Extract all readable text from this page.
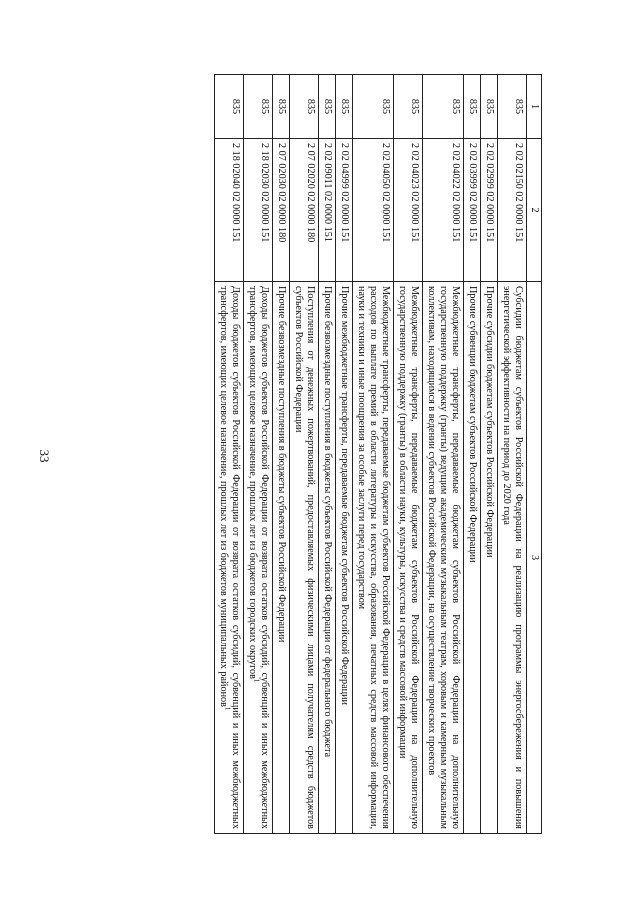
33
1	2	3
835	2 02 02150 02 0000 151	Субсидии бюджетам субъектов Российской Федерации на реализацию программы энергосбережения и повышения энергетической эффективности на период до 2020 года
835	2 02 02999 02 0000 151	Прочие субсидии бюджетам субъектов Российской Федерации
835	2 02 03999 02 0000 151	Прочие субвенции бюджетам субъектов Российской Федерации
835	2 02 04022 02 0000 151	Межбюджетные трансферты, передаваемые бюджетам субъектов Российской Федерации на дополнительную государственную поддержку (гранты) ведущим академическим музыкальным театрам, хоровым и камерным музыкальным коллективам, находящимся в ведении субъектов Российской Федерации, на осуществление творческих проектов
835	2 02 04023 02 0000 151	Межбюджетные трансферты, передаваемые бюджетам субъектов Российской Федерации на дополнительную государственную поддержку (гранты) в области науки, культуры, искусства и средств массовой информации
835	2 02 04050 02 0000 151	Межбюджетные трансферты, передаваемые бюджетам субъектов Российской Федерации в целях финансового обеспечения расходов по выплате премий в области литературы и искусства, образования, печатных средств массовой информации, науки и техники и иные поощрения за особые заслуги перед государством
835	2 02 04999 02 0000 151	Прочие межбюджетные трансферты, передаваемые бюджетам субъектов Российской Федерации
835	2 02 09011 02 0000 151	Прочие безвозмездные поступления в бюджеты субъектов Российской Федерации от федерального бюджета
835	2 07 02020 02 0000 180	Поступления от денежных пожертвований, предоставляемых физическими лицами получателям средств бюджетов субъектов Российской Федерации
835	2 07 02030 02 0000 180	Прочие безвозмездные поступления в бюджеты субъектов Российской Федерации
835	2 18 02030 02 0000 151	Доходы бюджетов субъектов Российской Федерации от возврата остатков субсидий, субвенций и иных межбюджетных трансфертов, имеющих целевое назначение, прошлых лет из бюджетов городских округов$^1$
835	2 18 02040 02 0000 151	Доходы бюджетов субъектов Российской Федерации от возврата остатков субсидий, субвенций и иных межбюджетных трансфертов, имеющих целевое назначение, прошлых лет из бюджетов муниципальных районов$^1$
